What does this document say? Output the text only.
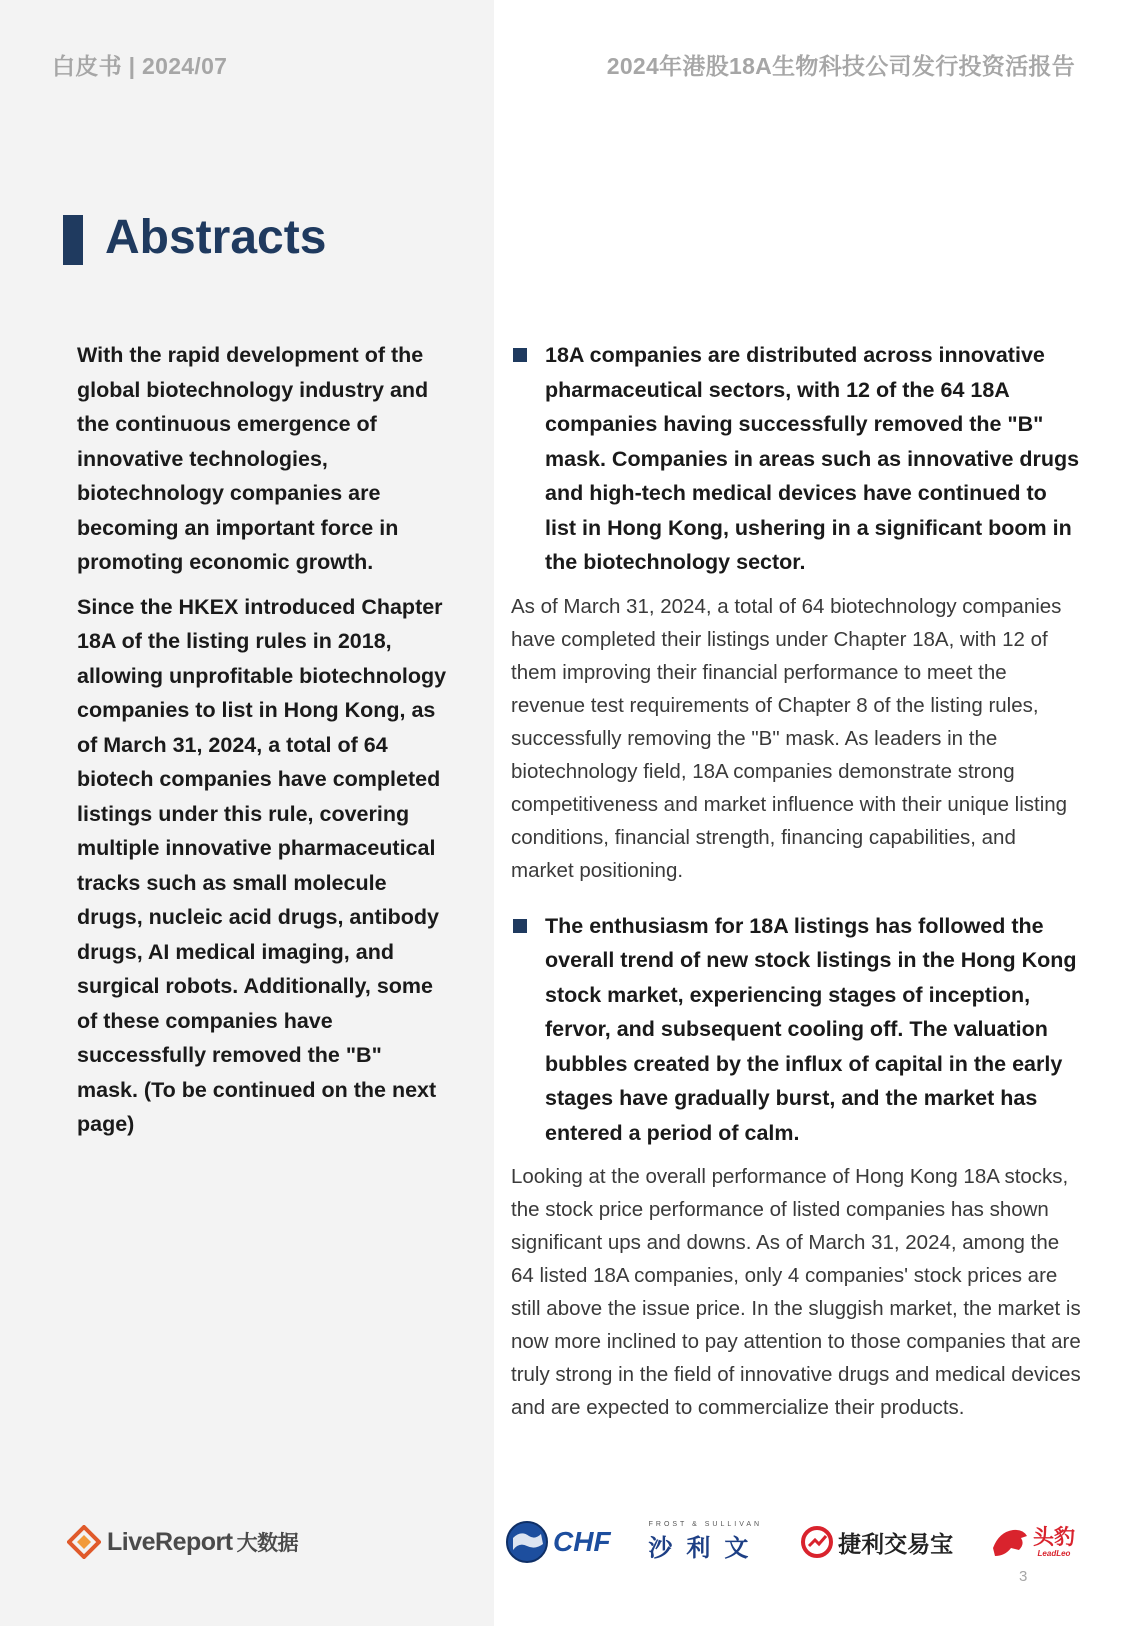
白皮书 | 2024/07	2024年港股18A生物科技公司发行投资活报告
Abstracts

With the rapid development of the global biotechnology industry and the continuous emergence of innovative technologies, biotechnology companies are becoming an important force in promoting economic growth.

Since the HKEX introduced Chapter 18A of the listing rules in 2018, allowing unprofitable biotechnology companies to list in Hong Kong, as of March 31, 2024, a total of 64 biotech companies have completed listings under this rule, covering multiple innovative pharmaceutical tracks such as small molecule drugs, nucleic acid drugs, antibody drugs, AI medical imaging, and surgical robots. Additionally, some of these companies have successfully removed the "B" mask. (To be continued on the next page)

18A companies are distributed across innovative pharmaceutical sectors, with 12 of the 64 18A companies having successfully removed the "B" mask. Companies in areas such as innovative drugs and high-tech medical devices have continued to list in Hong Kong, ushering in a significant boom in the biotechnology sector.

As of March 31, 2024, a total of 64 biotechnology companies have completed their listings under Chapter 18A, with 12 of them improving their financial performance to meet the revenue test requirements of Chapter 8 of the listing rules, successfully removing the "B" mask. As leaders in the biotechnology field, 18A companies demonstrate strong competitiveness and market influence with their unique listing conditions, financial strength, financing capabilities, and market positioning.

The enthusiasm for 18A listings has followed the overall trend of new stock listings in the Hong Kong stock market, experiencing stages of inception, fervor, and subsequent cooling off. The valuation bubbles created by the influx of capital in the early stages have gradually burst, and the market has entered a period of calm.

Looking at the overall performance of Hong Kong 18A stocks, the stock price performance of listed companies has shown significant ups and downs. As of March 31, 2024, among the 64 listed 18A companies, only 4 companies' stock prices are still above the issue price. In the sluggish market, the market is now more inclined to pay attention to those companies that are truly strong in the field of innovative drugs and medical devices and are expected to commercialize their products.

LiveReport 大数据	CHF
FROST & SULLIVAN
沙利文	捷利交易宝	头豹
LeadLeo
3
